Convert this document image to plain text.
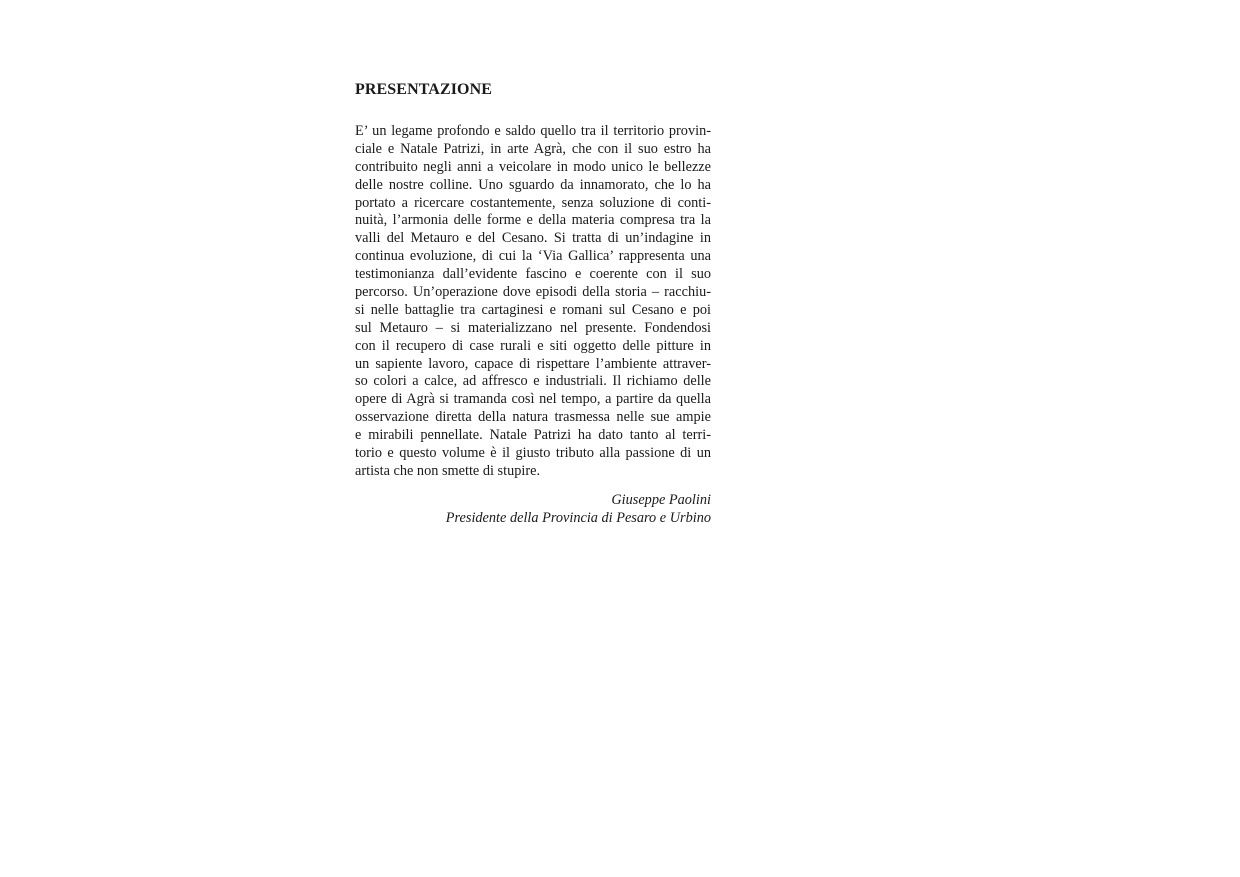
PRESENTAZIONE
E’ un legame profondo e saldo quello tra il territorio provin-
ciale e Natale Patrizi, in arte Agrà, che con il suo estro ha
contribuito negli anni a veicolare in modo unico le bellezze
delle nostre colline. Uno sguardo da innamorato, che lo ha
portato a ricercare costantemente, senza soluzione di conti-
nuità, l’armonia delle forme e della materia compresa tra la
valli del Metauro e del Cesano. Si tratta di un’indagine in
continua evoluzione, di cui la ‘Via Gallica’ rappresenta una
testimonianza dall’evidente fascino e coerente con il suo
percorso. Un’operazione dove episodi della storia – racchiu-
si nelle battaglie tra cartaginesi e romani sul Cesano e poi
sul Metauro – si materializzano nel presente. Fondendosi
con il recupero di case rurali e siti oggetto delle pitture in
un sapiente lavoro, capace di rispettare l’ambiente attraver-
so colori a calce, ad affresco e industriali. Il richiamo delle
opere di Agrà si tramanda così nel tempo, a partire da quella
osservazione diretta della natura trasmessa nelle sue ampie
e mirabili pennellate. Natale Patrizi ha dato tanto al terri-
torio e questo volume è il giusto tributo alla passione di un
artista che non smette di stupire.
Giuseppe Paolini
Presidente della Provincia di Pesaro e Urbino
